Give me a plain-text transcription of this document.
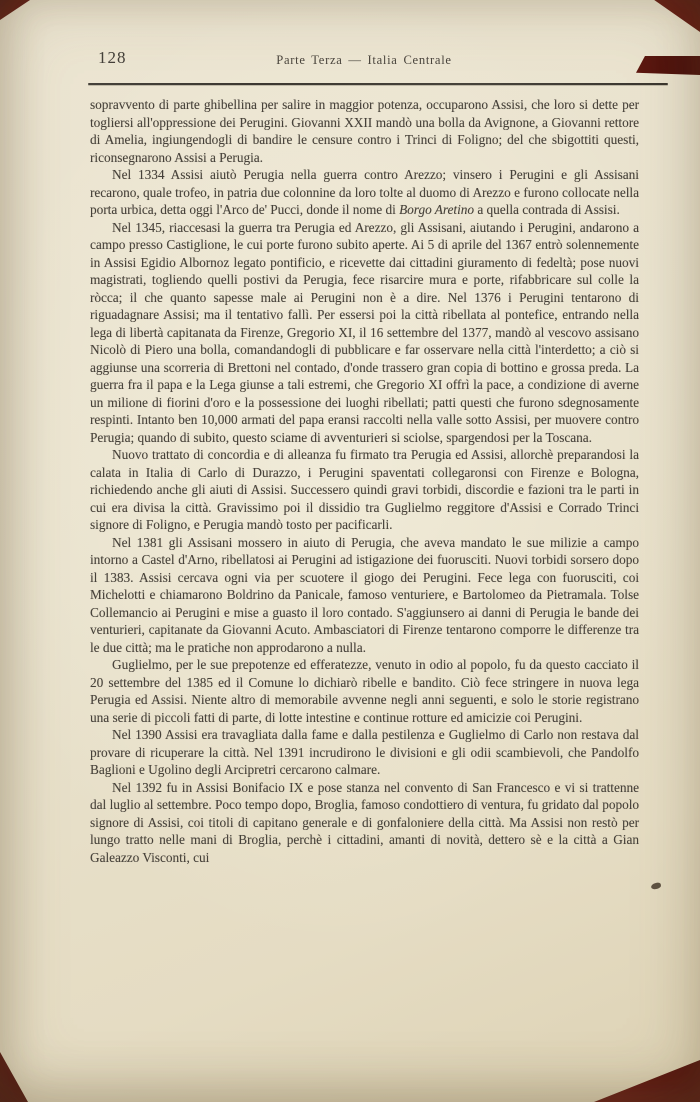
128	Parte Terza — Italia Centrale

sopravvento di parte ghibellina per salire in maggior potenza, occuparono Assisi, che loro si dette per togliersi all'oppressione dei Perugini. Giovanni XXII mandò una bolla da Avignone, a Giovanni rettore di Amelia, ingiungendogli di bandire le censure contro i Trinci di Foligno; del che sbigottiti questi, riconsegnarono Assisi a Perugia.

Nel 1334 Assisi aiutò Perugia nella guerra contro Arezzo; vinsero i Perugini e gli Assisani recarono, quale trofeo, in patria due colonnine da loro tolte al duomo di Arezzo e furono collocate nella porta urbica, detta oggi l'Arco de' Pucci, donde il nome di Borgo Aretino a quella contrada di Assisi.

Nel 1345, riaccesasi la guerra tra Perugia ed Arezzo, gli Assisani, aiutando i Perugini, andarono a campo presso Castiglione, le cui porte furono subito aperte. Ai 5 di aprile del 1367 entrò solennemente in Assisi Egidio Albornoz legato pontificio, e ricevette dai cittadini giuramento di fedeltà; pose nuovi magistrati, togliendo quelli postivi da Perugia, fece risarcire mura e porte, rifabbricare sul colle la ròcca; il che quanto sapesse male ai Perugini non è a dire. Nel 1376 i Perugini tentarono di riguadagnare Assisi; ma il tentativo fallì. Per essersi poi la città ribellata al pontefice, entrando nella lega di libertà capitanata da Firenze, Gregorio XI, il 16 settembre del 1377, mandò al vescovo assisano Nicolò di Piero una bolla, comandandogli di pubblicare e far osservare nella città l'interdetto; a ciò si aggiunse una scorreria di Brettoni nel contado, d'onde trassero gran copia di bottino e grossa preda. La guerra fra il papa e la Lega giunse a tali estremi, che Gregorio XI offrì la pace, a condizione di averne un milione di fiorini d'oro e la possessione dei luoghi ribellati; patti questi che furono sdegnosamente respinti. Intanto ben 10,000 armati del papa eransi raccolti nella valle sotto Assisi, per muovere contro Perugia; quando di subito, questo sciame di avventurieri si sciolse, spargendosi per la Toscana.

Nuovo trattato di concordia e di alleanza fu firmato tra Perugia ed Assisi, allorchè preparandosi la calata in Italia di Carlo di Durazzo, i Perugini spaventati collegaronsi con Firenze e Bologna, richiedendo anche gli aiuti di Assisi. Successero quindi gravi torbidi, discordie e fazioni tra le parti in cui era divisa la città. Gravissimo poi il dissidio tra Guglielmo reggitore d'Assisi e Corrado Trinci signore di Foligno, e Perugia mandò tosto per pacificarli.

Nel 1381 gli Assisani mossero in aiuto di Perugia, che aveva mandato le sue milizie a campo intorno a Castel d'Arno, ribellatosi ai Perugini ad istigazione dei fuorusciti. Nuovi torbidi sorsero dopo il 1383. Assisi cercava ogni via per scuotere il giogo dei Perugini. Fece lega con fuorusciti, coi Michelotti e chiamarono Boldrino da Panicale, famoso venturiere, e Bartolomeo da Pietramala. Tolse Collemancio ai Perugini e mise a guasto il loro contado. S'aggiunsero ai danni di Perugia le bande dei venturieri, capitanate da Giovanni Acuto. Ambasciatori di Firenze tentarono comporre le differenze tra le due città; ma le pratiche non approdarono a nulla.

Guglielmo, per le sue prepotenze ed efferatezze, venuto in odio al popolo, fu da questo cacciato il 20 settembre del 1385 ed il Comune lo dichiarò ribelle e bandito. Ciò fece stringere in nuova lega Perugia ed Assisi. Niente altro di memorabile avvenne negli anni seguenti, e solo le storie registrano una serie di piccoli fatti di parte, di lotte intestine e continue rotture ed amicizie coi Perugini.

Nel 1390 Assisi era travagliata dalla fame e dalla pestilenza e Guglielmo di Carlo non restava dal provare di ricuperare la città. Nel 1391 incrudirono le divisioni e gli odii scambievoli, che Pandolfo Baglioni e Ugolino degli Arcipretri cercarono calmare.

Nel 1392 fu in Assisi Bonifacio IX e pose stanza nel convento di San Francesco e vi si trattenne dal luglio al settembre. Poco tempo dopo, Broglia, famoso condottiero di ventura, fu gridato dal popolo signore di Assisi, coi titoli di capitano generale e di gonfaloniere della città. Ma Assisi non restò per lungo tratto nelle mani di Broglia, perchè i cittadini, amanti di novità, dettero sè e la città a Gian Galeazzo Visconti, cui
